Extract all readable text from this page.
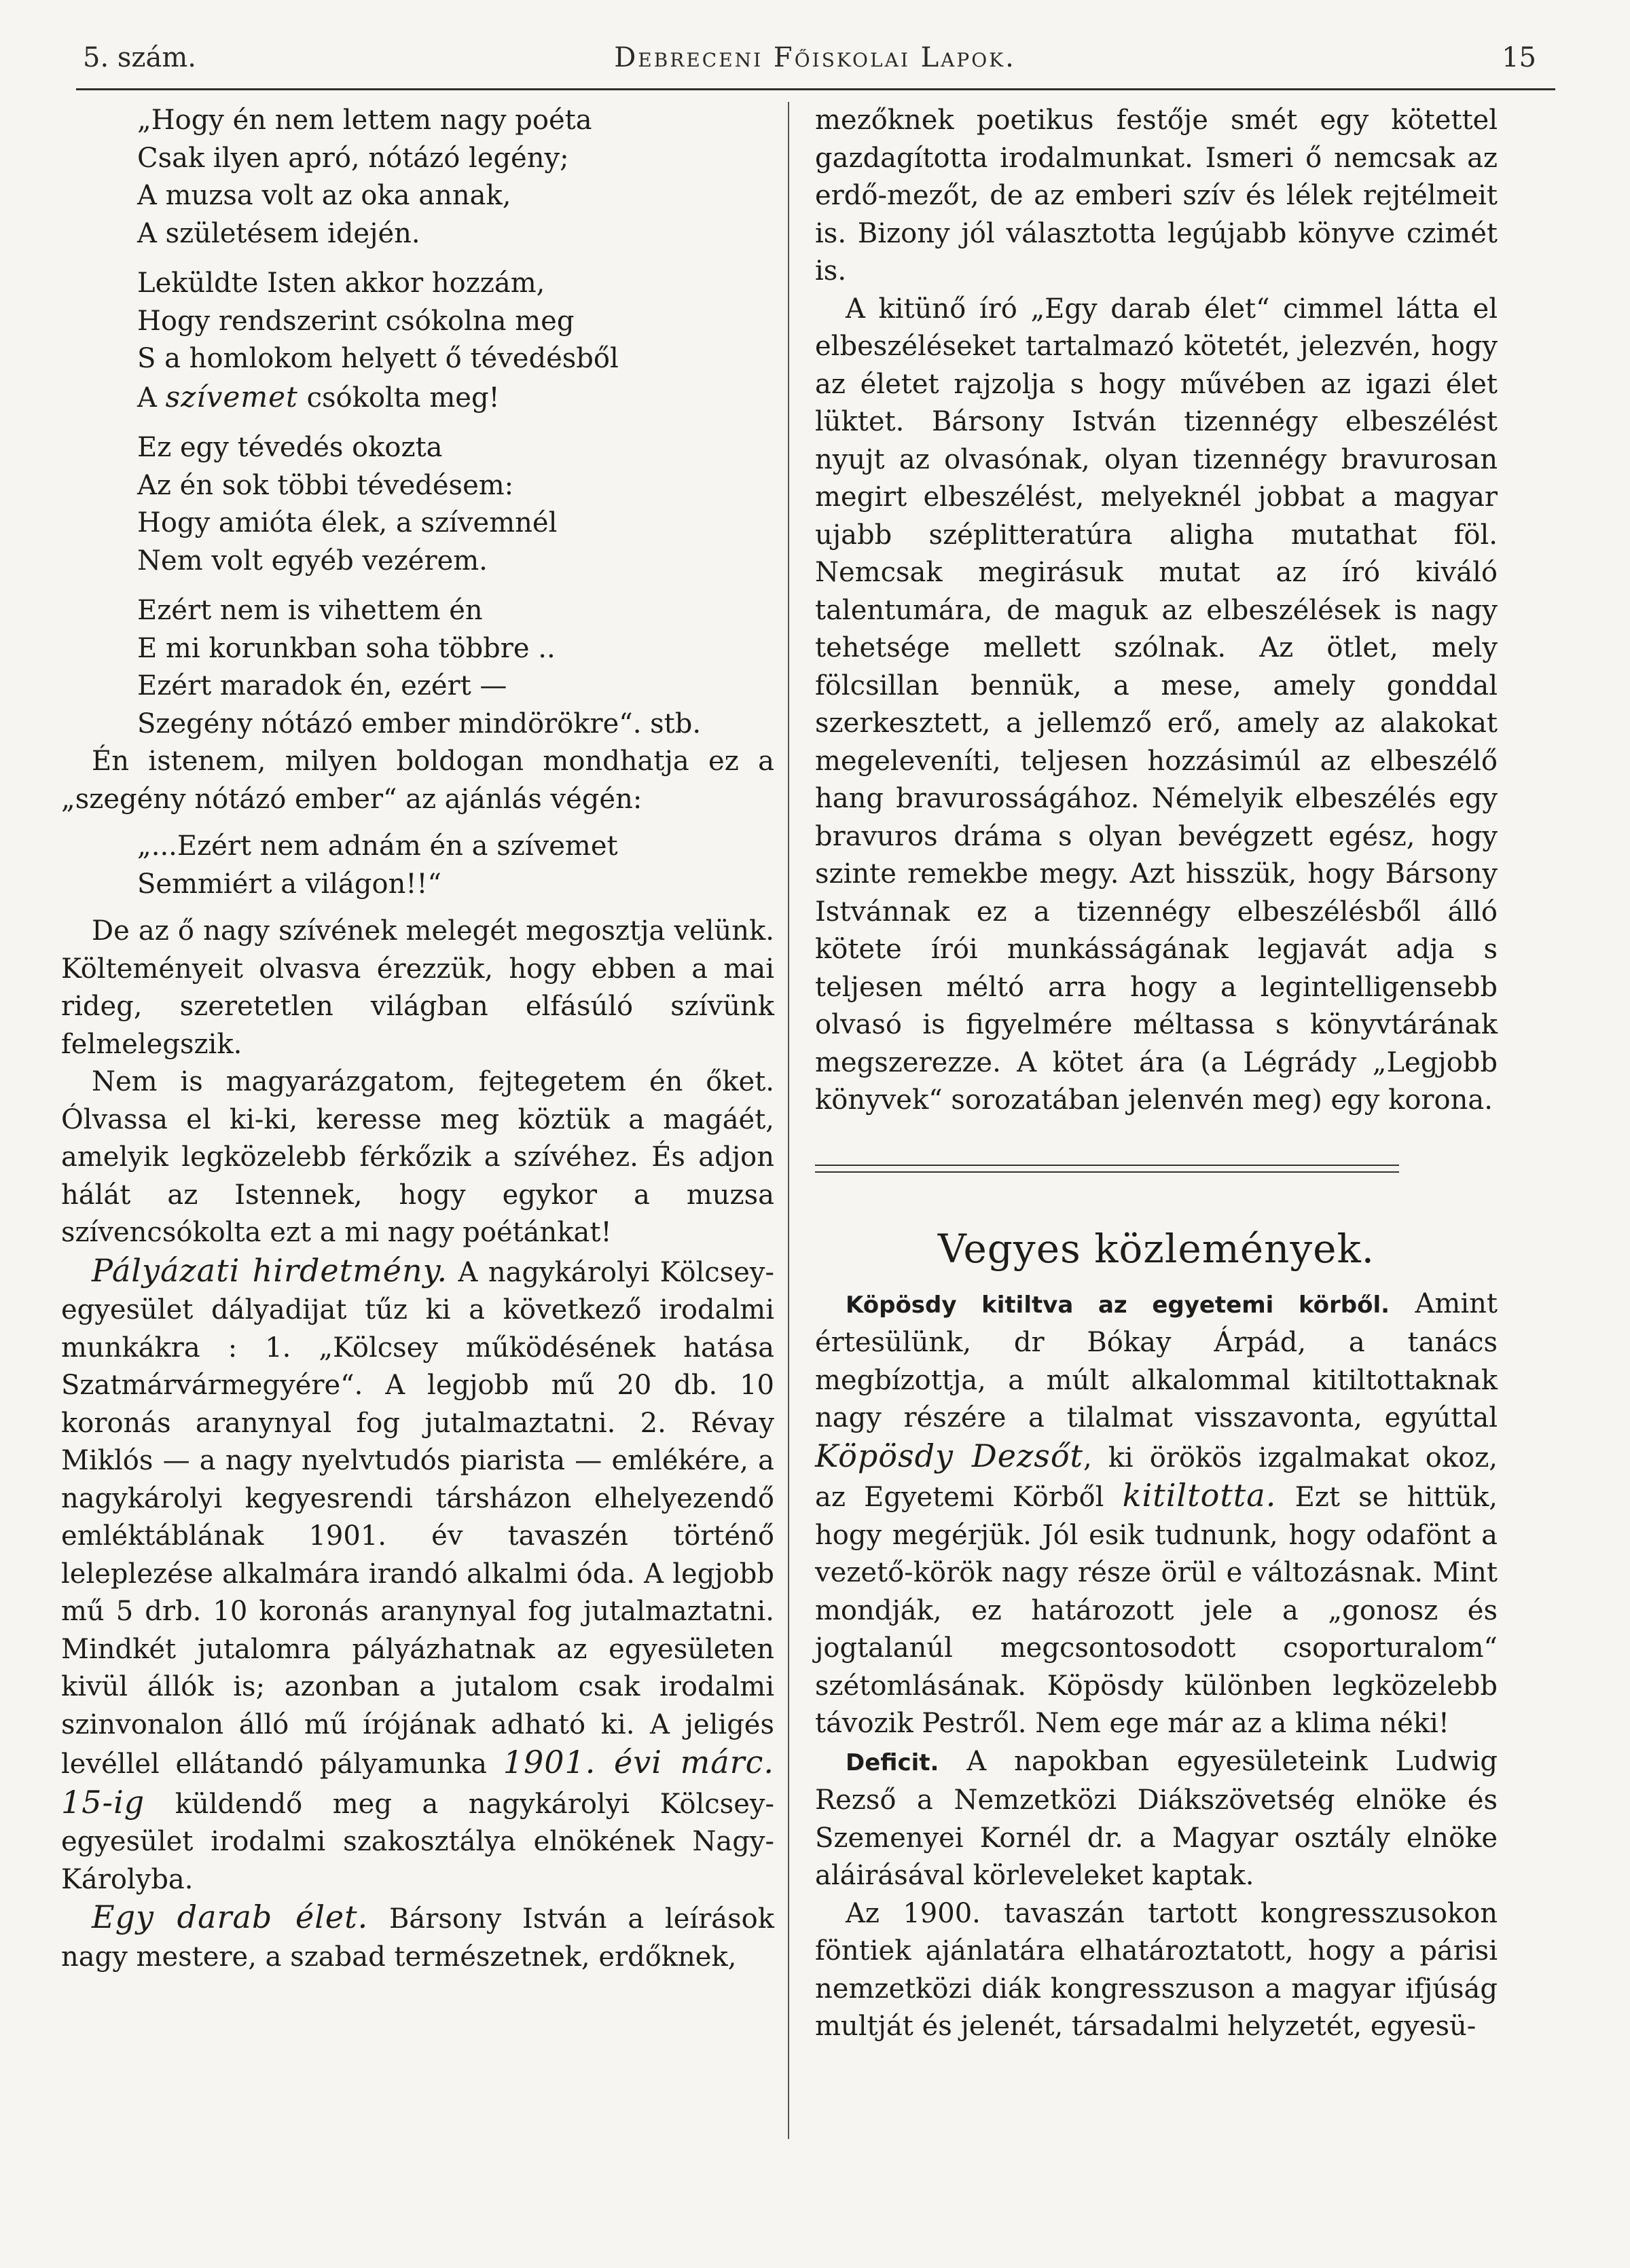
5. szám.	Debreceni Főiskolai Lapok.	15
„Hogy én nem lettem nagy poéta
Csak ilyen apró, nótázó legény;
A muzsa volt az oka annak,
A születésem idején.
Leküldte Isten akkor hozzám,
Hogy rendszerint csókolna meg
S a homlokom helyett ő tévedésből
A szívemet csókolta meg!
Ez egy tévedés okozta
Az én sok többi tévedésem:
Hogy amióta élek, a szívemnél
Nem volt egyéb vezérem.
Ezért nem is vihettem én
E mi korunkban soha többre ..
Ezért maradok én, ezért —
Szegény nótázó ember mindörökre“. stb.

Én istenem, milyen boldogan mondhatja ez a „szegény nótázó ember“ az ajánlás végén:

„...Ezért nem adnám én a szívemet
Semmiért a világon!!“

De az ő nagy szívének melegét megosztja velünk. Költeményeit olvasva érezzük, hogy ebben a mai rideg, szeretetlen világban elfásúló szívünk felmelegszik.

Nem is magyarázgatom, fejtegetem én őket. Ólvassa el ki-ki, keresse meg köztük a magáét, amelyik legközelebb férkőzik a szívéhez. És adjon hálát az Istennek, hogy egykor a muzsa szívencsókolta ezt a mi nagy poétánkat!

Pályázati hirdetmény. A nagykárolyi Kölcsey-egyesület dályadijat tűz ki a következő irodalmi munkákra : 1. „Kölcsey működésének hatása Szatmárvármegyére“. A legjobb mű 20 db. 10 koronás aranynyal fog jutalmaztatni. 2. Révay Miklós — a nagy nyelvtudós piarista — emlékére, a nagykárolyi kegyesrendi társházon elhelyezendő emléktáblának 1901. év tavaszén történő leleplezése alkalmára irandó alkalmi óda. A legjobb mű 5 drb. 10 koronás aranynyal fog jutalmaztatni. Mindkét jutalomra pályázhatnak az egyesületen kivül állók is; azonban a jutalom csak irodalmi szinvonalon álló mű írójának adható ki. A jeligés levéllel ellátandó pályamunka 1901. évi márc. 15-ig küldendő meg a nagykárolyi Kölcsey-egyesület irodalmi szakosztálya elnökének Nagy-Károlyba.

Egy darab élet. Bársony István a leírások nagy mestere, a szabad természetnek, erdőknek,

mezőknek poetikus festője smét egy kötettel gazdagította irodalmunkat. Ismeri ő nemcsak az erdő-mezőt, de az emberi szív és lélek rejtélmeit is. Bizony jól választotta legújabb könyve czimét is.

A kitünő író „Egy darab élet“ cimmel látta el elbeszéléseket tartalmazó kötetét, jelezvén, hogy az életet rajzolja s hogy művében az igazi élet lüktet. Bársony István tizennégy elbeszélést nyujt az olvasónak, olyan tizennégy bravurosan megirt elbeszélést, melyeknél jobbat a magyar ujabb széplitteratúra aligha mutathat föl. Nemcsak megirásuk mutat az író kiváló talentumára, de maguk az elbeszélések is nagy tehetsége mellett szólnak. Az ötlet, mely fölcsillan bennük, a mese, amely gonddal szerkesztett, a jellemző erő, amely az alakokat megeleveníti, teljesen hozzásimúl az elbeszélő hang bravurosságához. Némelyik elbeszélés egy bravuros dráma s olyan bevégzett egész, hogy szinte remekbe megy. Azt hisszük, hogy Bársony Istvánnak ez a tizennégy elbeszélésből álló kötete írói munkásságának legjavát adja s teljesen méltó arra hogy a legintelligensebb olvasó is figyelmére méltassa s könyvtárának megszerezze. A kötet ára (a Légrády „Legjobb könyvek“ sorozatában jelenvén meg) egy korona.

Vegyes közlemények.

Köpösdy kitiltva az egyetemi körből. Amint értesülünk, dr Bókay Árpád, a tanács megbízottja, a múlt alkalommal kitiltottaknak nagy részére a tilalmat visszavonta, egyúttal Köpösdy Dezsőt, ki örökös izgalmakat okoz, az Egyetemi Körből kitiltotta. Ezt se hittük, hogy megérjük. Jól esik tudnunk, hogy odafönt a vezető-körök nagy része örül e változásnak. Mint mondják, ez határozott jele a „gonosz és jogtalanúl megcsontosodott csoporturalom“ szétomlásának. Köpösdy különben legközelebb távozik Pestről. Nem ege már az a klima néki!

Deficit. A napokban egyesületeink Ludwig Rezső a Nemzetközi Diákszövetség elnöke és Szemenyei Kornél dr. a Magyar osztály elnöke aláirásával körleveleket kaptak.

Az 1900. tavaszán tartott kongresszusokon föntiek ajánlatára elhatároztatott, hogy a párisi nemzetközi diák kongresszuson a magyar ifjúság multját és jelenét, társadalmi helyzetét, egyesü-
